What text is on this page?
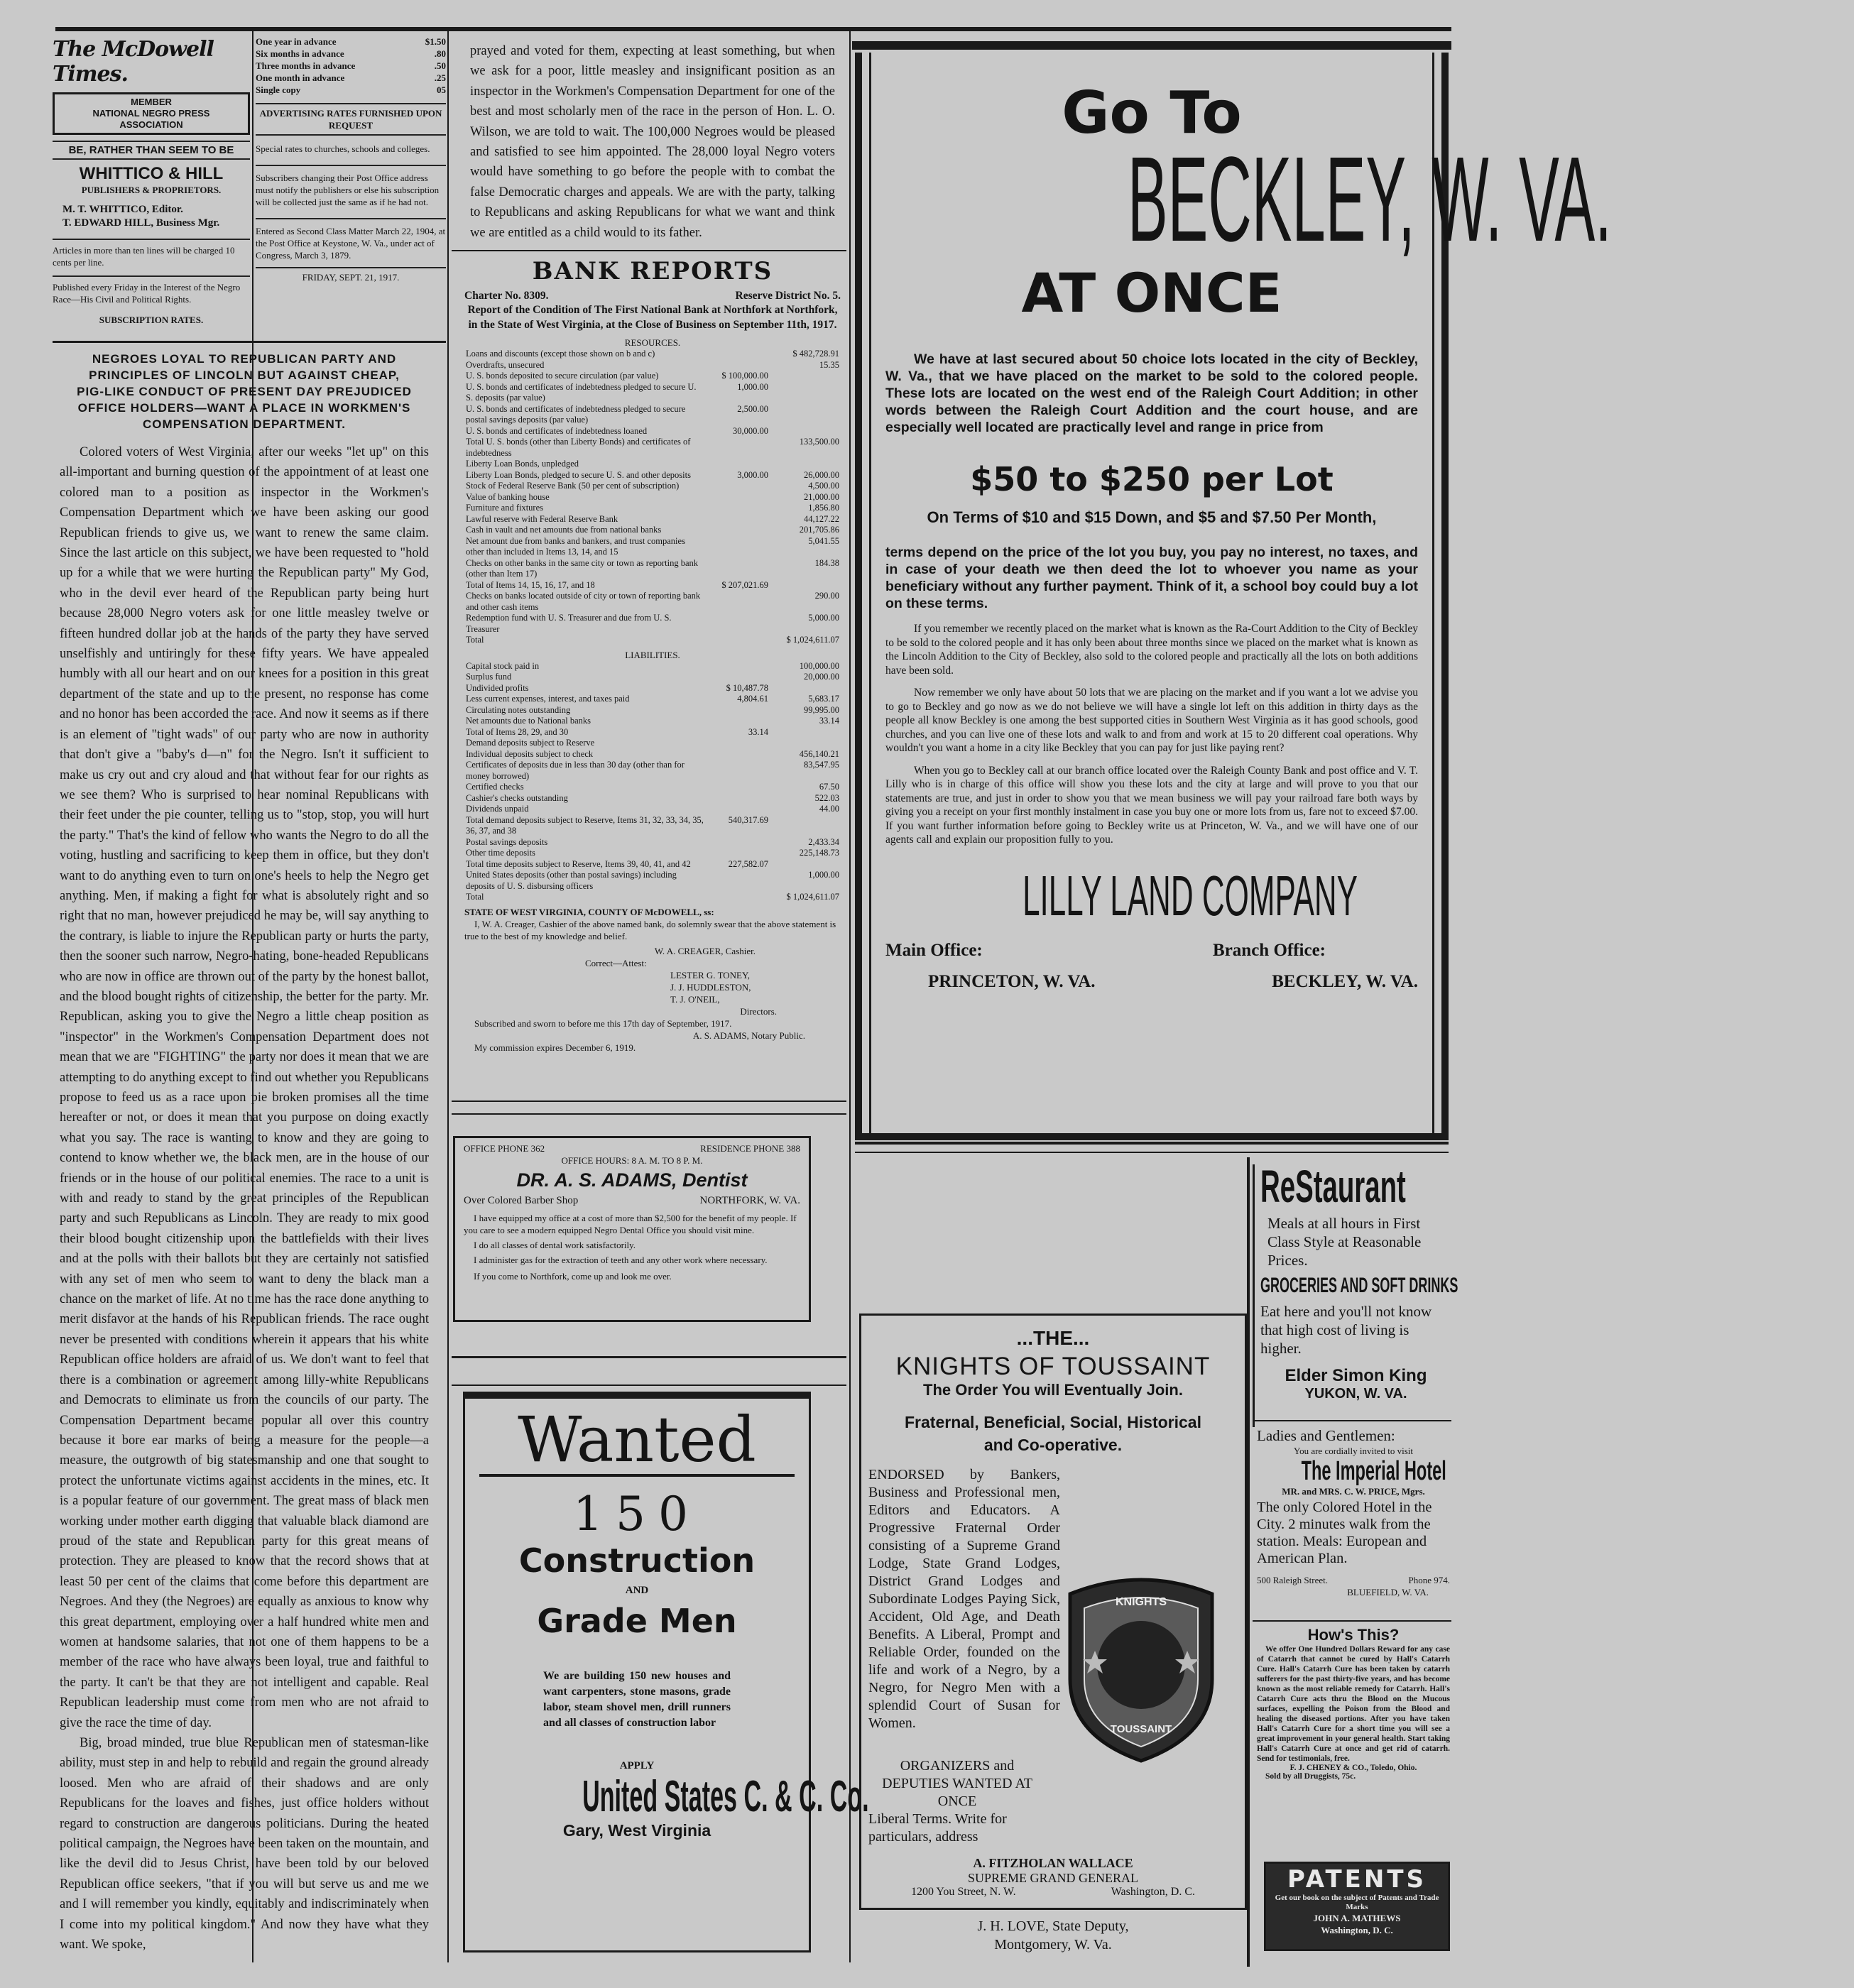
The McDowell Times.
MEMBER
NATIONAL NEGRO PRESS
ASSOCIATION
BE, RATHER THAN SEEM TO BE
WHITTICO & HILL
PUBLISHERS & PROPRIETORS.
M. T. WHITTICO, Editor.
T. EDWARD HILL, Business Mgr.
Articles in more than ten lines will be charged 10 cents per line.
Published every Friday in the Interest of the Negro Race—His Civil and Political Rights.
SUBSCRIPTION RATES.
One year in advance	$1.50
Six months in advance	.80
Three months in advance	.50
One month in advance	.25
Single copy	05
ADVERTISING RATES FURNISHED UPON REQUEST
Special rates to churches, schools and colleges.
Subscribers changing their Post Office address must notify the publishers or else his subscription will be collected just the same as if he had not.
Entered as Second Class Matter March 22, 1904, at the Post Office at Keystone, W. Va., under act of Congress, March 3, 1879.
FRIDAY, SEPT. 21, 1917.
NEGROES LOYAL TO REPUBLICAN PARTY AND PRINCIPLES OF LINCOLN BUT AGAINST CHEAP, PIG-LIKE CONDUCT OF PRESENT DAY PREJUDICED OFFICE HOLDERS—WANT A PLACE IN WORKMEN'S COMPENSATION DEPARTMENT.

Colored voters of West Virginia, after our weeks "let up" on this all-important and burning question of the appointment of at least one colored man to a position as inspector in the Workmen's Compensation Department which we have been asking our good Republican friends to give us, we want to renew the same claim. Since the last article on this subject, we have been requested to "hold up for a while that we were hurting the Republican party" My God, who in the devil ever heard of the Republican party being hurt because 28,000 Negro voters ask for one little measley twelve or fifteen hundred dollar job at the hands of the party they have served unselfishly and untiringly for these fifty years. We have appealed humbly with all our heart and on our knees for a position in this great department of the state and up to the present, no response has come and no honor has been accorded the race. And now it seems as if there is an element of "tight wads" of our party who are now in authority that don't give a "baby's d—n" for the Negro. Isn't it sufficient to make us cry out and cry aloud and that without fear for our rights as we see them? Who is surprised to hear nominal Republicans with their feet under the pie counter, telling us to "stop, stop, you will hurt the party." That's the kind of fellow who wants the Negro to do all the voting, hustling and sacrificing to keep them in office, but they don't want to do anything even to turn on one's heels to help the Negro get anything. Men, if making a fight for what is absolutely right and so right that no man, however prejudiced he may be, will say anything to the contrary, is liable to injure the Republican party or hurts the party, then the sooner such narrow, Negro-hating, bone-headed Republicans who are now in office are thrown out of the party by the honest ballot, and the blood bought rights of citizenship, the better for the party. Mr. Republican, asking you to give the Negro a little cheap position as "inspector" in the Workmen's Compensation Department does not mean that we are "FIGHTING" the party nor does it mean that we are attempting to do anything except to find out whether you Republicans propose to feed us as a race upon pie broken promises all the time hereafter or not, or does it mean that you purpose on doing exactly what you say. The race is wanting to know and they are going to contend to know whether we, the black men, are in the house of our friends or in the house of our political enemies. The race to a unit is with and ready to stand by the great principles of the Republican party and such Republicans as Lincoln. They are ready to mix good their blood bought citizenship upon the battlefields with their lives and at the polls with their ballots but they are certainly not satisfied with any set of men who seem to want to deny the black man a chance on the market of life. At no time has the race done anything to merit disfavor at the hands of his Republican friends. The race ought never be presented with conditions wherein it appears that his white Republican office holders are afraid of us. We don't want to feel that there is a combination or agreement among lilly-white Republicans and Democrats to eliminate us from the councils of our party. The Compensation Department became popular all over this country because it bore ear marks of being a measure for the people—a measure, the outgrowth of big statesmanship and one that sought to protect the unfortunate victims against accidents in the mines, etc. It is a popular feature of our government. The great mass of black men working under mother earth digging that valuable black diamond are proud of the state and Republican party for this great means of protection. They are pleased to know that the record shows that at least 50 per cent of the claims that come before this department are Negroes. And they (the Negroes) are equally as anxious to know why this great department, employing over a half hundred white men and women at handsome salaries, that not one of them happens to be a member of the race who have always been loyal, true and faithful to the party. It can't be that they are not intelligent and capable. Real Republican leadership must come from men who are not afraid to give the race the time of day.

Big, broad minded, true blue Republican men of statesman-like ability, must step in and help to rebuild and regain the ground already loosed. Men who are afraid of their shadows and are only Republicans for the loaves and fishes, just office holders without regard to construction are dangerous politicians. During the heated political campaign, the Negroes have been taken on the mountain, and like the devil did to Jesus Christ, have been told by our beloved Republican office seekers, "that if you will but serve us and me we and I will remember you kindly, equitably and indiscriminately when I come into my political kingdom." And now they have what they want. We spoke,

prayed and voted for them, expecting at least something, but when we ask for a poor, little measley and insignificant position as an inspector in the Workmen's Compensation Department for one of the best and most scholarly men of the race in the person of Hon. L. O. Wilson, we are told to wait. The 100,000 Negroes would be pleased and satisfied to see him appointed. The 28,000 loyal Negro voters would have something to go before the people with to combat the false Democratic charges and appeals. We are with the party, talking to Republicans and asking Republicans for what we want and think we are entitled as a child would to its father.
BANK REPORTS
Charter No. 8309.	Reserve District No. 5.
Report of the Condition of The First National Bank at Northfork at Northfork, in the State of West Virginia, at the Close of Business on September 11th, 1917.
RESOURCES.
Loans and discounts (except those shown on b and c)		$ 482,728.91
Overdrafts, unsecured		15.35
U. S. bonds deposited to secure circulation (par value)	$ 100,000.00	
U. S. bonds and certificates of indebtedness pledged to secure U. S. deposits (par value)	1,000.00	
U. S. bonds and certificates of indebtedness pledged to secure postal savings deposits (par value)	2,500.00	
U. S. bonds and certificates of indebtedness loaned	30,000.00	
Total U. S. bonds (other than Liberty Bonds) and certificates of indebtedness		133,500.00
Liberty Loan Bonds, unpledged		
Liberty Loan Bonds, pledged to secure U. S. and other deposits	3,000.00	26,000.00
Stock of Federal Reserve Bank (50 per cent of subscription)		4,500.00
Value of banking house		21,000.00
Furniture and fixtures		1,856.80
Lawful reserve with Federal Reserve Bank		44,127.22
Cash in vault and net amounts due from national banks		201,705.86
Net amount due from banks and bankers, and trust companies other than included in Items 13, 14, and 15		5,041.55
Checks on other banks in the same city or town as reporting bank (other than Item 17)		184.38
Total of Items 14, 15, 16, 17, and 18	$ 207,021.69	
Checks on banks located outside of city or town of reporting bank and other cash items		290.00
Redemption fund with U. S. Treasurer and due from U. S. Treasurer		5,000.00
Total		$ 1,024,611.07
LIABILITIES.
Capital stock paid in		100,000.00
Surplus fund		20,000.00
Undivided profits	$ 10,487.78	
Less current expenses, interest, and taxes paid	4,804.61	5,683.17
Circulating notes outstanding		99,995.00
Net amounts due to National banks		33.14
Total of Items 28, 29, and 30	33.14	
Demand deposits subject to Reserve		
Individual deposits subject to check		456,140.21
Certificates of deposits due in less than 30 day (other than for money borrowed)		83,547.95
Certified checks		67.50
Cashier's checks outstanding		522.03
Dividends unpaid		44.00
Total demand deposits subject to Reserve, Items 31, 32, 33, 34, 35, 36, 37, and 38	540,317.69	
Postal savings deposits		2,433.34
Other time deposits		225,148.73
Total time deposits subject to Reserve, Items 39, 40, 41, and 42	227,582.07	
United States deposits (other than postal savings) including deposits of U. S. disbursing officers		1,000.00
Total		$ 1,024,611.07
STATE OF WEST VIRGINIA, COUNTY OF McDOWELL, ss:
I, W. A. Creager, Cashier of the above named bank, do solemnly swear that the above statement is true to the best of my knowledge and belief.
W. A. CREAGER, Cashier.
Correct—Attest:
LESTER G. TONEY,
J. J. HUDDLESTON,
T. J. O'NEIL,
Directors.
Subscribed and sworn to before me this 17th day of September, 1917.
A. S. ADAMS, Notary Public.
My commission expires December 6, 1919.
OFFICE PHONE 362	RESIDENCE PHONE 388
OFFICE HOURS: 8 A. M. TO 8 P. M.
DR. A. S. ADAMS, Dentist
Over Colored Barber Shop	NORTHFORK, W. VA.
I have equipped my office at a cost of more than $2,500 for the benefit of my people. If you care to see a modern equipped Negro Dental Office you should visit mine.
I do all classes of dental work satisfactorily.
I administer gas for the extraction of teeth and any other work where necessary.
If you come to Northfork, come up and look me over.
Wanted
150
Construction
AND
Grade Men
We are building 150 new houses and want carpenters, stone masons, grade labor, steam shovel men, drill runners and all classes of construction labor
APPLY
United States C. & C. Co.
Gary, West Virginia
Go To
BECKLEY, W. VA.
AT ONCE
We have at last secured about 50 choice lots located in the city of Beckley, W. Va., that we have placed on the market to be sold to the colored people. These lots are located on the west end of the Raleigh Court Addition; in other words between the Raleigh Court Addition and the court house, and are especially well located are practically level and range in price from
$50 to $250 per Lot
On Terms of $10 and $15 Down, and $5 and $7.50 Per Month,
terms depend on the price of the lot you buy, you pay no interest, no taxes, and in case of your death we then deed the lot to whoever you name as your beneficiary without any further payment. Think of it, a school boy could buy a lot on these terms.
If you remember we recently placed on the market what is known as the Ra-Court Addition to the City of Beckley to be sold to the colored people and it has only been about three months since we placed on the market what is known as the Lincoln Addition to the City of Beckley, also sold to the colored people and practically all the lots on both additions have been sold.
Now remember we only have about 50 lots that we are placing on the market and if you want a lot we advise you to go to Beckley and go now as we do not believe we will have a single lot left on this addition in thirty days as the people all know Beckley is one among the best supported cities in Southern West Virginia as it has good schools, good churches, and you can live one of these lots and walk to and from and work at 15 to 20 different coal operations. Why wouldn't you want a home in a city like Beckley that you can pay for just like paying rent?
When you go to Beckley call at our branch office located over the Raleigh County Bank and post office and V. T. Lilly who is in charge of this office will show you these lots and the city at large and will prove to you that our statements are true, and just in order to show you that we mean business we will pay your railroad fare both ways by giving you a receipt on your first monthly instalment in case you buy one or more lots from us, fare not to exceed $7.00. If you want further information before going to Beckley write us at Princeton, W. Va., and we will have one of our agents call and explain our proposition fully to you.
LILLY LAND COMPANY
Main Office:	Branch Office:
PRINCETON, W. VA.	BECKLEY, W. VA.
...THE...
KNIGHTS OF TOUSSAINT
The Order You will Eventually Join.
Fraternal, Beneficial, Social, Historical and Co-operative.
KNIGHTS
TOUSSAINT
ENDORSED by Bankers, Business and Professional men, Editors and Educators. A Progressive Fraternal Order consisting of a Supreme Grand Lodge, State Grand Lodges, District Grand Lodges and Subordinate Lodges Paying Sick, Accident, Old Age, and Death Benefits. A Liberal, Prompt and Reliable Order, founded on the life and work of a Negro, by a Negro, for Negro Men with a splendid Court of Susan for Women.
ORGANIZERS and DEPUTIES WANTED AT ONCE
Liberal Terms. Write for particulars, address
A. FITZHOLAN WALLACE
SUPREME GRAND GENERAL
1200 You Street, N. W.	Washington, D. C.
J. H. LOVE, State Deputy,
Montgomery, W. Va.
ReStaurant
Meals at all hours in First Class Style at Reasonable Prices.
GROCERIES AND SOFT DRINKS
Eat here and you'll not know that high cost of living is higher.
Elder Simon King
YUKON, W. VA.
Ladies and Gentlemen:
You are cordially invited to visit
The Imperial Hotel
MR. and MRS. C. W. PRICE, Mgrs.
The only Colored Hotel in the City. 2 minutes walk from the station. Meals: European and American Plan.
500 Raleigh Street.	Phone 974.
BLUEFIELD, W. VA.
How's This?
We offer One Hundred Dollars Reward for any case of Catarrh that cannot be cured by Hall's Catarrh Cure. Hall's Catarrh Cure has been taken by catarrh sufferers for the past thirty-five years, and has become known as the most reliable remedy for Catarrh. Hall's Catarrh Cure acts thru the Blood on the Mucous surfaces, expelling the Poison from the Blood and healing the diseased portions. After you have taken Hall's Catarrh Cure for a short time you will see a great improvement in your general health. Start taking Hall's Catarrh Cure at once and get rid of catarrh. Send for testimonials, free.
F. J. CHENEY & CO., Toledo, Ohio.
Sold by all Druggists, 75c.
PATENTS
Get our book on the subject of Patents and Trade Marks
JOHN A. MATHEWS
Washington, D. C.
